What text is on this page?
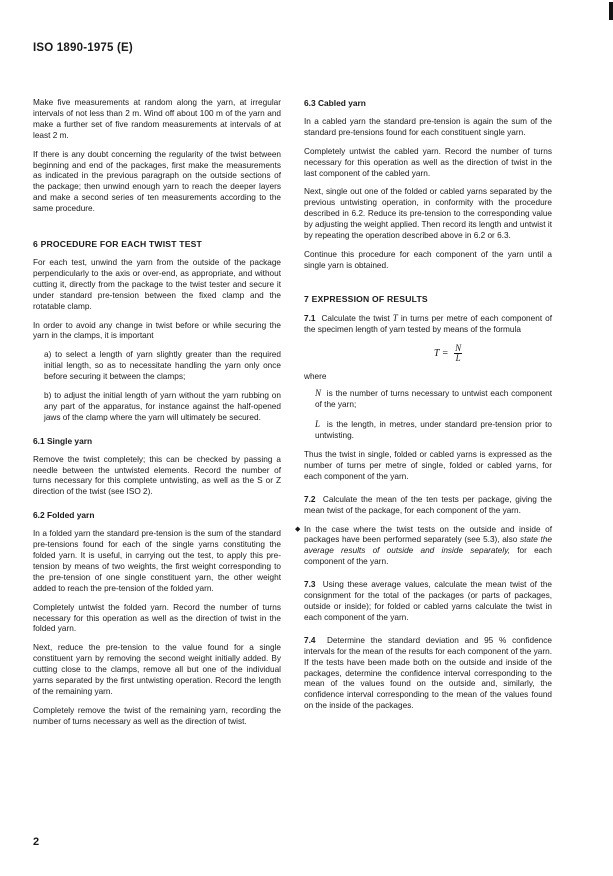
ISO 1890-1975 (E)

Make five measurements at random along the yarn, at irregular intervals of not less than 2 m. Wind off about 100 m of the yarn and make a further set of five random measurements at intervals of at least 2 m.

If there is any doubt concerning the regularity of the twist between beginning and end of the packages, first make the measurements as indicated in the previous paragraph on the outside sections of the package; then unwind enough yarn to reach the deeper layers and make a second series of ten measurements according to the same procedure.

6 PROCEDURE FOR EACH TWIST TEST

For each test, unwind the yarn from the outside of the package perpendicularly to the axis or over-end, as appropriate, and without cutting it, directly from the package to the twist tester and secure it under standard pre-tension between the fixed clamp and the rotatable clamp.

In order to avoid any change in twist before or while securing the yarn in the clamps, it is important

a) to select a length of yarn slightly greater than the required initial length, so as to necessitate handling the yarn only once before securing it between the clamps;

b) to adjust the initial length of yarn without the yarn rubbing on any part of the apparatus, for instance against the half-opened jaws of the clamp where the yarn will ultimately be secured.

6.1 Single yarn

Remove the twist completely; this can be checked by passing a needle between the untwisted elements. Record the number of turns necessary for this complete untwisting, as well as the S or Z direction of the twist (see ISO 2).

6.2 Folded yarn

In a folded yarn the standard pre-tension is the sum of the standard pre-tensions found for each of the single yarns constituting the folded yarn. It is useful, in carrying out the test, to apply this pre-tension by means of two weights, the first weight corresponding to the pre-tension of one single constituent yarn, the other weight added to reach the pre-tension of the folded yarn.

Completely untwist the folded yarn. Record the number of turns necessary for this operation as well as the direction of twist in the folded yarn.

Next, reduce the pre-tension to the value found for a single constituent yarn by removing the second weight initially added. By cutting close to the clamps, remove all but one of the individual yarns separated by the first untwisting operation. Record the length of the remaining yarn.

Completely remove the twist of the remaining yarn, recording the number of turns necessary as well as the direction of twist.

6.3 Cabled yarn

In a cabled yarn the standard pre-tension is again the sum of the standard pre-tensions found for each constituent single yarn.

Completely untwist the cabled yarn. Record the number of turns necessary for this operation as well as the direction of twist in the last component of the cabled yarn.

Next, single out one of the folded or cabled yarns separated by the previous untwisting operation, in conformity with the procedure described in 6.2. Reduce its pre-tension to the corresponding value by adjusting the weight applied. Then record its length and untwist it by repeating the operation described above in 6.2 or 6.3.

Continue this procedure for each component of the yarn until a single yarn is obtained.

7 EXPRESSION OF RESULTS

7.1 Calculate the twist T in turns per metre of each component of the specimen length of yarn tested by means of the formula

$T = \frac{N}{L}$

where

N is the number of turns necessary to untwist each component of the yarn;

L is the length, in metres, under standard pre-tension prior to untwisting.

Thus the twist in single, folded or cabled yarns is expressed as the number of turns per metre of single, folded or cabled yarns, for each component of the yarn.

7.2 Calculate the mean of the ten tests per package, giving the mean twist of the package, for each component of the yarn.

◆ In the case where the twist tests on the outside and inside of packages have been performed separately (see 5.3), also state the average results of outside and inside separately, for each component of the yarn.

7.3 Using these average values, calculate the mean twist of the consignment for the total of the packages (or parts of packages, outside or inside); for folded or cabled yarns calculate the twist in each component of the yarn.

7.4 Determine the standard deviation and 95 % confidence intervals for the mean of the results for each component of the yarn. If the tests have been made both on the outside and inside of the packages, determine the confidence interval corresponding to the mean of the values found on the outside and, similarly, the confidence interval corresponding to the mean of the values found on the inside of the packages.

2
